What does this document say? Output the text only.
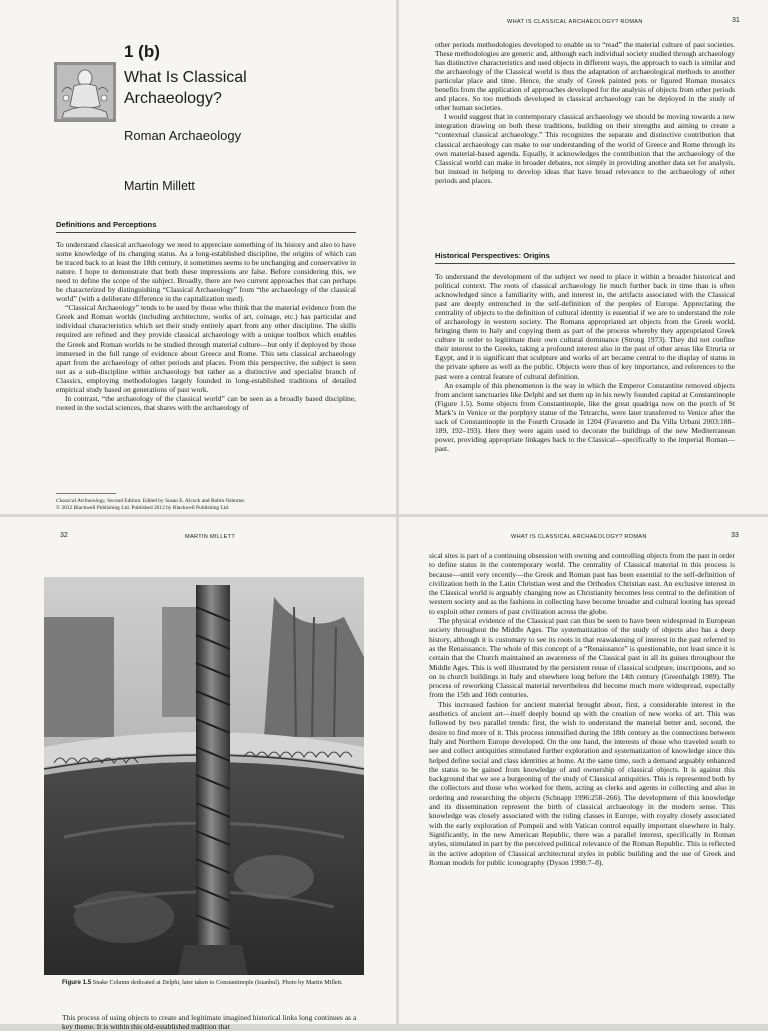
1 (b)
What Is Classical Archaeology?
Roman Archaeology
Martin Millett
Definitions and Perceptions

To understand classical archaeology we need to appreciate something of its history and also to have some knowledge of its changing status. As a long-established discipline, the origins of which can be traced back to at least the 18th century, it sometimes seems to be unchanging and conservative in nature. I hope to demonstrate that both these impressions are false. Before considering this, we need to define the scope of the subject. Broadly, there are two current approaches that can perhaps be characterized by distinguishing “Classical Archaeology” from “the archaeology of the classical world” (with a deliberate difference in the capitalization used).

“Classical Archaeology” tends to be used by those who think that the material evidence from the Greek and Roman worlds (including architecture, works of art, coinage, etc.) has particular and individual characteristics which set their study entirely apart from any other discipline. The skills required are refined and they provide classical archaeology with a unique toolbox which enables the Greek and Roman worlds to be studied through material culture—but only if deployed by those immersed in the full range of evidence about Greece and Rome. This sets classical archaeology apart from the archaeology of other periods and places. From this perspective, the subject is seen not as a sub-discipline within archaeology but rather as a distinctive and specialist branch of Classics, employing methodologies largely founded in long-established traditions of detailed empirical study based on generations of past work.

In contrast, “the archaeology of the classical world” can be seen as a broadly based discipline, rooted in the social sciences, that shares with the archaeology of

Classical Archaeology, Second Edition. Edited by Susan E. Alcock and Robin Osborne.
© 2012 Blackwell Publishing Ltd. Published 2012 by Blackwell Publishing Ltd.
WHAT IS CLASSICAL ARCHAEOLOGY? ROMAN	31

other periods methodologies developed to enable us to “read” the material culture of past societies. These methodologies are generic and, although each individual society studied through archaeology has distinctive characteristics and used objects in different ways, the approach to each is similar and the archaeology of the Classical world is thus the adaptation of archaeological methods to another particular place and time. Hence, the study of Greek painted pots or figured Roman mosaics benefits from the application of approaches developed for the analysis of objects from other periods and places. So too methods developed in classical archaeology can be deployed in the study of other human societies.

I would suggest that in contemporary classical archaeology we should be moving towards a new integration drawing on both these traditions, building on their strengths and aiming to create a “contextual classical archaeology.” This recognizes the separate and distinctive contribution that classical archaeology can make to our understanding of the world of Greece and Rome through its own material-based agenda. Equally, it acknowledges the contribution that the archaeology of the Classical world can make in broader debates, not simply in providing another data set for analysis, but instead in helping to develop ideas that have broad relevance to the archaeology of other periods and places.

Historical Perspectives: Origins

To understand the development of the subject we need to place it within a broader historical and political context. The roots of classical archaeology lie much further back in time than is often acknowledged since a familiarity with, and interest in, the artifacts associated with the Classical past are deeply entrenched in the self-definition of the peoples of Europe. Appreciating the centrality of objects to the definition of cultural identity is essential if we are to understand the role of archaeology in western society. The Romans appropriated art objects from the Greek world, bringing them to Italy and copying them as part of the process whereby they appropriated Greek culture in order to legitimate their own cultural dominance (Strong 1973). They did not confine their interest to the Greeks, taking a profound interest also in the past of other areas like Etruria or Egypt, and it is significant that sculpture and works of art became central to the display of status in the private sphere as well as the public. Objects were thus of key importance, and references to the past were a central feature of cultural definition.

An example of this phenomenon is the way in which the Emperor Constantine removed objects from ancient sanctuaries like Delphi and set them up in his newly founded capital at Constantinople (Figure 1.5). Some objects from Constantinople, like the great quadriga now on the porch of St Mark’s in Venice or the porphyry statue of the Tetrarchs, were later transferred to Venice after the sack of Constantinople in the Fourth Crusade in 1204 (Favaretto and Da Villa Urbani 2003:188–189, 192–193). Here they were again used to decorate the buildings of the new Mediterranean power, providing appropriate linkages back to the Classical—specifically to the imperial Roman—past.

32	MARTIN MILLETT
Figure 1.5 Snake Column dedicated at Delphi, later taken to Constantinople (Istanbul). Photo by Martin Millett.
This process of using objects to create and legitimate imagined historical links long continues as a key theme. It is within this old-established tradition that
WHAT IS CLASSICAL ARCHAEOLOGY? ROMAN	33

sical sites is part of a continuing obsession with owning and controlling objects from the past in order to define status in the contemporary world. The centrality of Classical material in this process is because—until very recently—the Greek and Roman past has been essential to the self-definition of civilization both in the Latin Christian west and the Orthodox Christian east. An exclusive interest in the Classical world is arguably changing now as Christianity becomes less central to the definition of western society and as the fashions in collecting have become broader and cultural looting has spread to exploit other centers of past civilization across the globe.

The physical evidence of the Classical past can thus be seen to have been widespread in European society throughout the Middle Ages. The systematization of the study of objects also has a deep history, although it is customary to see its roots in that reawakening of interest in the past referred to as the Renaissance. The whole of this concept of a “Renaissance” is questionable, not least since it is certain that the Church maintained an awareness of the Classical past in all its guises throughout the Middle Ages. This is well illustrated by the persistent reuse of classical sculpture, inscriptions, and so on in church buildings in Italy and elsewhere long before the 14th century (Greenhalgh 1989). The process of reworking Classical material nevertheless did become much more widespread, especially from the 15th and 16th centuries.

This increased fashion for ancient material brought about, first, a considerable interest in the aesthetics of ancient art—itself deeply bound up with the creation of new works of art. This was followed by two parallel trends: first, the wish to understand the material better and, second, the desire to find more of it. This process intensified during the 18th century as the connections between Italy and Northern Europe developed. On the one hand, the interests of those who traveled south to see and collect antiquities stimulated further exploration and systematization of knowledge since this helped define social and class identities at home. At the same time, such a demand arguably enhanced the status to be gained from knowledge of and ownership of classical objects. It is against this background that we see a burgeoning of the study of Classical antiquities. This is represented both by the collectors and those who worked for them, acting as clerks and agents in collecting and also in ordering and researching the objects (Schnapp 1996:258–266). The development of this knowledge and its dissemination represent the birth of classical archaeology in the modern sense. This knowledge was closely associated with the ruling classes in Europe, with royalty closely associated with the early exploration of Pompeii and with Vatican control equally important elsewhere in Italy. Significantly, in the new American Republic, there was a parallel interest, specifically in Roman styles, stimulated in part by the perceived political relevance of the Roman Republic. This is reflected in the active adoption of Classical architectural styles in public building and the use of Greek and Roman models for public iconography (Dyson 1998:7–8).
